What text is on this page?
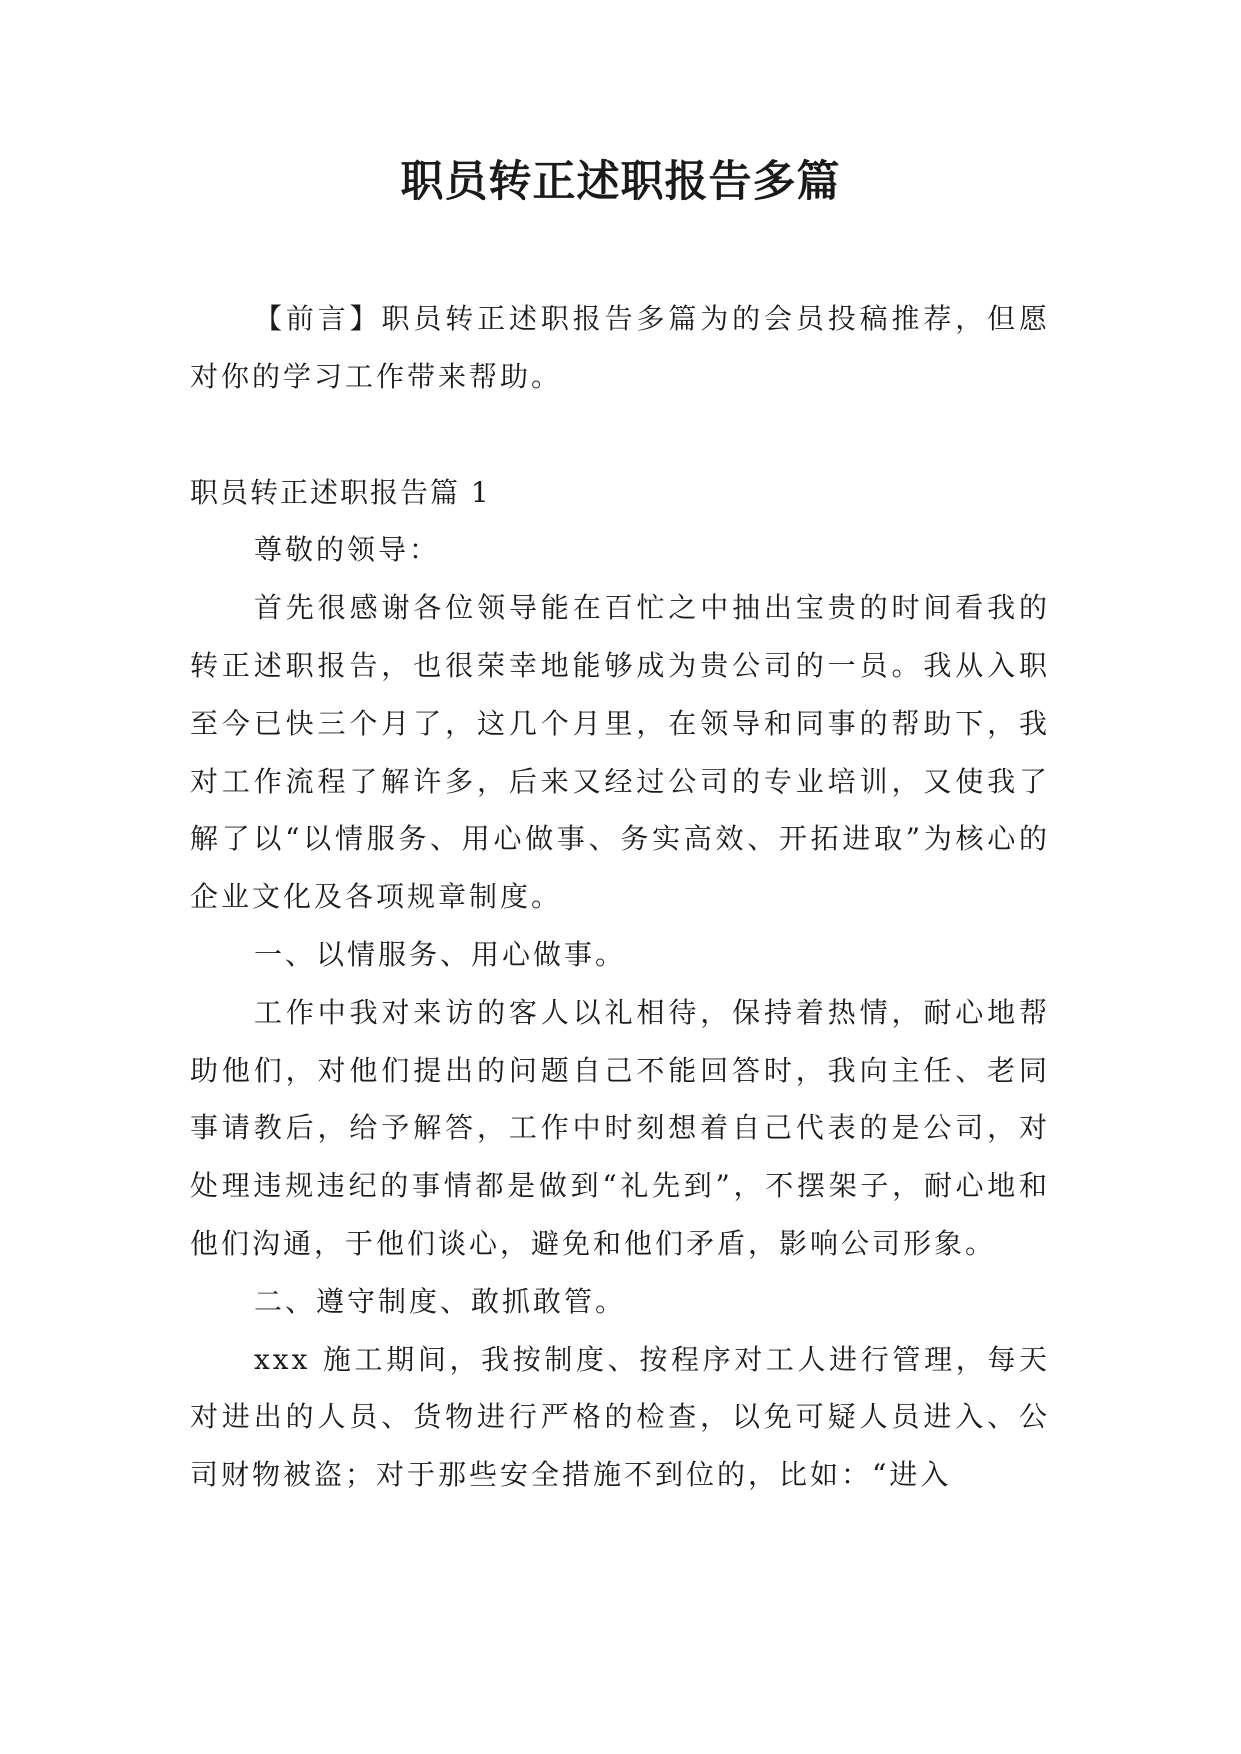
职员转正述职报告多篇

【前言】职员转正述职报告多篇为的会员投稿推荐，但愿对你的学习工作带来帮助。

职员转正述职报告篇 1

尊敬的领导：

首先很感谢各位领导能在百忙之中抽出宝贵的时间看我的转正述职报告，也很荣幸地能够成为贵公司的一员。我从入职至今已快三个月了，这几个月里，在领导和同事的帮助下，我对工作流程了解许多，后来又经过公司的专业培训，又使我了解了以“以情服务、用心做事、务实高效、开拓进取”为核心的企业文化及各项规章制度。

一、以情服务、用心做事。

工作中我对来访的客人以礼相待，保持着热情，耐心地帮助他们，对他们提出的问题自己不能回答时，我向主任、老同事请教后，给予解答，工作中时刻想着自己代表的是公司，对处理违规违纪的事情都是做到“礼先到”，不摆架子，耐心地和他们沟通，于他们谈心，避免和他们矛盾，影响公司形象。

二、遵守制度、敢抓敢管。

xxx 施工期间，我按制度、按程序对工人进行管理，每天对进出的人员、货物进行严格的检查，以免可疑人员进入、公司财物被盗；对于那些安全措施不到位的，比如：“进入
